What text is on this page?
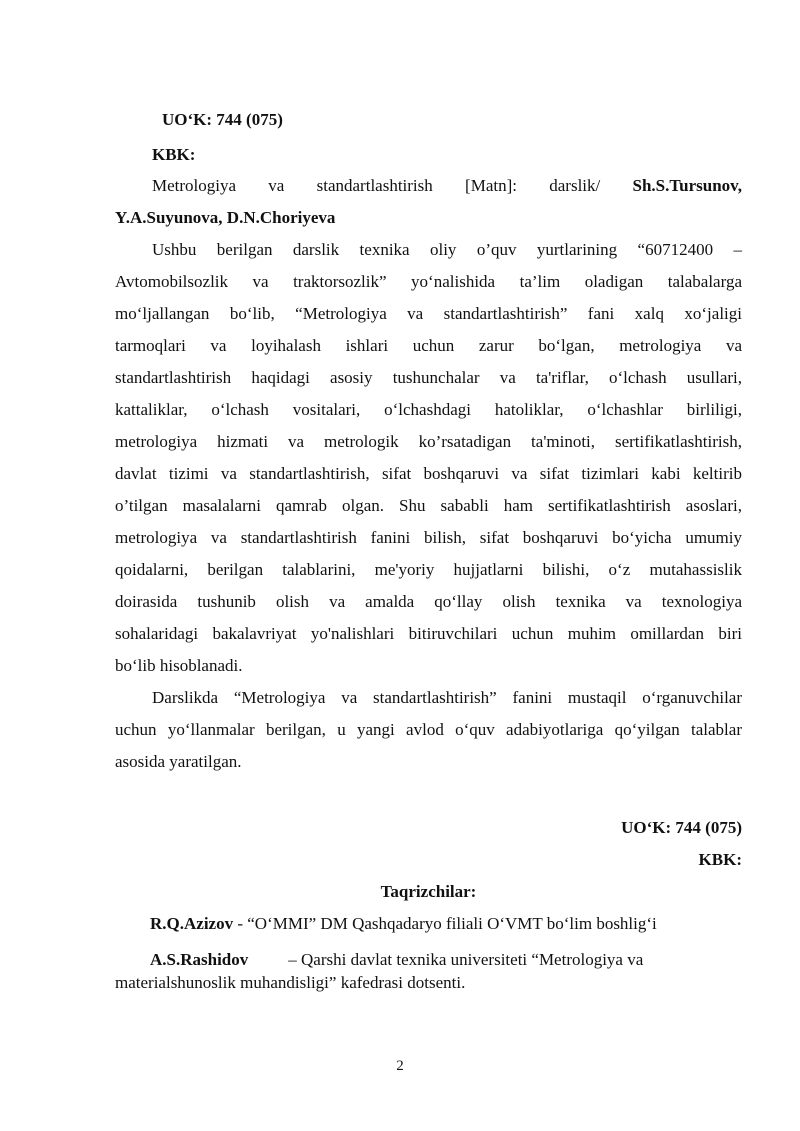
UO‘K: 744 (075)
KBK:
Metrologiya va standartlashtirish [Matn]: darslik/ Sh.S.Tursunov,
Y.A.Suyunova, D.N.Choriyeva
Ushbu berilgan darslik texnika oliy o’quv yurtlarining “60712400 –
Avtomobilsozlik va traktorsozlik” yo‘nalishida ta’lim oladigan talabalarga
mo‘ljallangan bo‘lib, “Metrologiya va standartlashtirish” fani xalq xo‘jaligi
tarmoqlari va loyihalash ishlari uchun zarur bo‘lgan, metrologiya va
standartlashtirish haqidagi asosiy tushunchalar va ta'riflar, o‘lchash usullari,
kattaliklar, o‘lchash vositalari, o‘lchashdagi hatoliklar, o‘lchashlar birliligi,
metrologiya hizmati va metrologik ko’rsatadigan ta'minoti, sertifikatlashtirish,
davlat tizimi va standartlashtirish, sifat boshqaruvi va sifat tizimlari kabi keltirib
o’tilgan masalalarni qamrab olgan. Shu sababli ham sertifikatlashtirish asoslari,
metrologiya va standartlashtirish fanini bilish, sifat boshqaruvi bo‘yicha umumiy
qoidalarni, berilgan talablarini, me'yoriy hujjatlarni bilishi, o‘z mutahassislik
doirasida tushunib olish va amalda qo‘llay olish texnika va texnologiya
sohalaridagi bakalavriyat yo'nalishlari bitiruvchilari uchun muhim omillardan biri
bo‘lib hisoblanadi.
Darslikda “Metrologiya va standartlashtirish” fanini mustaqil o‘rganuvchilar
uchun yo‘llanmalar berilgan, u yangi avlod o‘quv adabiyotlariga qo‘yilgan talablar
asosida yaratilgan.
UO‘K: 744 (075)
KBK:
Taqrizchilar:
R.Q.Azizov - “O‘MMI” DM Qashqadaryo filiali O‘VMT bo‘lim boshlig‘i
A.S.Rashidov – Qarshi davlat texnika universiteti “Metrologiya va
materialshunoslik muhandisligi” kafedrasi dotsenti.
2
